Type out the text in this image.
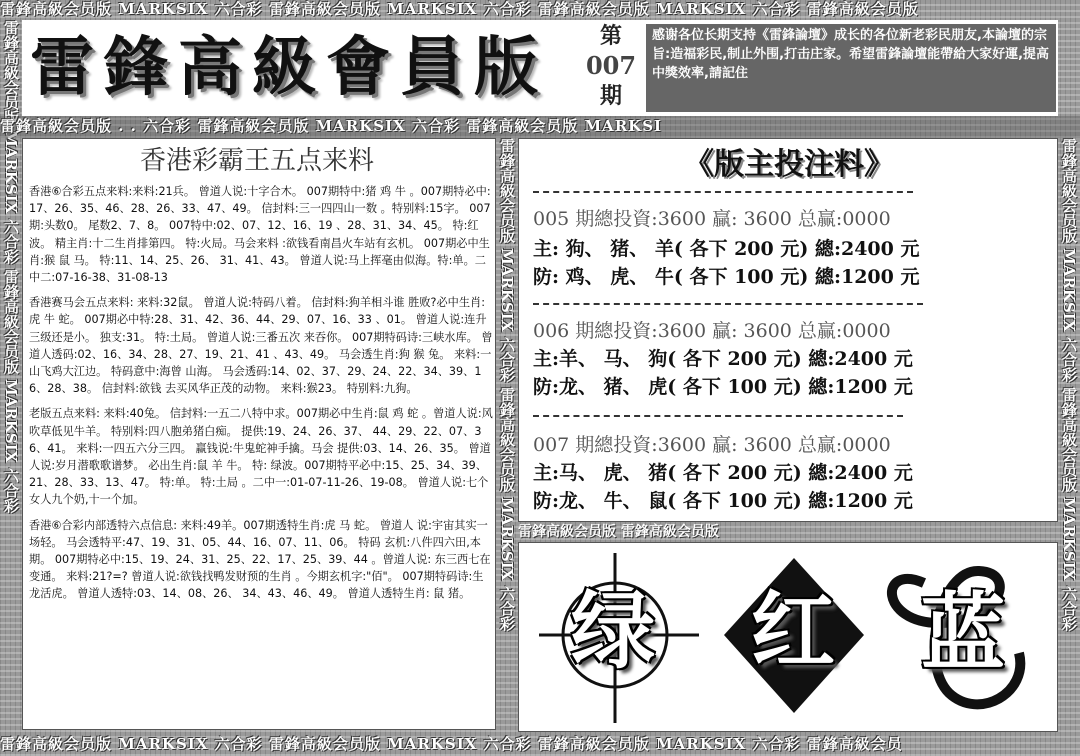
雷鋒高級会员版 MARKSIX 六合彩 雷鋒高級会员版 MARKSIX 六合彩 雷鋒高級会员版 MARKSIX 六合彩 雷鋒高級会员版
雷鋒高級会员版 MARKSIX 六合彩 雷鋒高級会员版 MARKSIX 六合彩 雷鋒高級會員版	第
007
期
感谢各位长期支持《雷鋒論壇》成长的各位新老彩民朋友,本論壇的宗旨:造福彩民,制止外围,打击庄家。希望雷鋒論壇能帶給大家好運,提高中獎效率,請記住
雷鋒高級会员版 . . 六合彩 雷鋒高級会员版 MARKSIX 六合彩 雷鋒高級会员版 MARKSI
香港彩霸王五点来料

香港⑥合彩五点来料:来料:21兵。 曾道人说:十字合木。 007期特中:猪 鸡 牛 。007期特必中:17、26、35、46、28、26、33、47、49。 信封料:三一四四山一数 。特别料:15字。 007期:头数0。 尾数2、7、8。 007特中:02、07、12、16、19 、28、31、34、45。 特:红波。 精主肖:十二生肖排第四。 特:火局。马会来料 :欲钱看南昌火车站有玄机。 007期必中生肖:猴 鼠 马。 特:11、14、25、26、 31、41、43。 曾道人说:马上挥毫由似海。特:单。二中二:07-16-38、31-08-13

香港赛马会五点来料: 来料:32鼠。 曾道人说:特码八着。 信封料:狗羊相斗谁 胜败?必中生肖:虎 牛 蛇。 007期必中特:28、31、42、36、44、29、07、16、33 、01。 曾道人说:连升三级还是小。 独支:31。 特:土局。 曾道人说:三番五次 来吞你。 007期特码诗:三峡水库。 曾道人透码:02、16、34、28、27、19、21、41 、43、49。 马会透生肖:狗 猴 兔。 来料:一山飞鸡大江边。 特码意中:海曾 山海。 马会透码:14、02、37、29、24、22、34、39、16、28、38。 信封料:欲钱 去买风华正茂的动物。 来料:猴23。 特别料:九狗。

老版五点来料: 来料:40兔。 信封料:一五二八特中求。007期必中生肖:鼠 鸡 蛇 。曾道人说:风吹草低见牛羊。 特别料:四八胞弟猪白痴。 提供:19、24、26、37、 44、29、22、07、36、41。 来料:一四五六分三四。 赢钱说:牛鬼蛇神手擒。马会 提供:03、14、26、35。 曾道人说:岁月潜歌歌谱梦。 必出生肖:鼠 羊 牛。 特: 绿波。007期特平必中:15、25、34、39、21、28、33、13、47。 特:单。 特:土局 。二中一:01-07-11-26、19-08。 曾道人说:七个女人九个奶,十一个加。

香港⑥合彩内部透特六点信息: 来料:49羊。007期透特生肖:虎 马 蛇。 曾道人 说:宇宙其实一场轻。 马会透特平:47、19、31、05、44、16、07、11、06。 特码 玄机:八件四六田,本期。 007期特必中:15、19、24、31、25、22、17、25、39、44 。曾道人说: 东三西七在变通。 来料:21?=? 曾道人说:欲钱找鸭发财预的生肖 。今期玄机字:"佰"。 007期特码诗:生龙活虎。 曾道人透特:03、14、08、26、 34、43、46、49。 曾道人透特生肖: 鼠 猪。	雷鋒高級会员版 MARKSIX 六合彩 雷鋒高級会员版 MARKSIX 六合彩	《版主投注料》
005 期總投資:3600 贏: 3600 总赢:0000
主: 狗、 猪、 羊( 各下 200 元) 總:2400 元
防: 鸡、 虎、 牛( 各下 100 元) 總:1200 元
006 期總投資:3600 贏: 3600 总赢:0000
主:羊、 马、 狗( 各下 200 元) 總:2400 元
防:龙、 猪、 虎( 各下 100 元) 總:1200 元
007 期總投資:3600 贏: 3600 总赢:0000
主:马、 虎、 猪( 各下 200 元) 總:2400 元
防:龙、 牛、 鼠( 各下 100 元) 總:1200 元
雷鋒高級会员版 雷鋒高級会员版
绿 红 蓝
雷鋒高級会员版 MARKSIX 六合彩 雷鋒高級会员版 MARKSIX 六合彩
雷鋒高級会员版 MARKSIX 六合彩 雷鋒高級会员版 MARKSIX 六合彩 雷鋒高級会员版 MARKSIX 六合彩 雷鋒高級会员
